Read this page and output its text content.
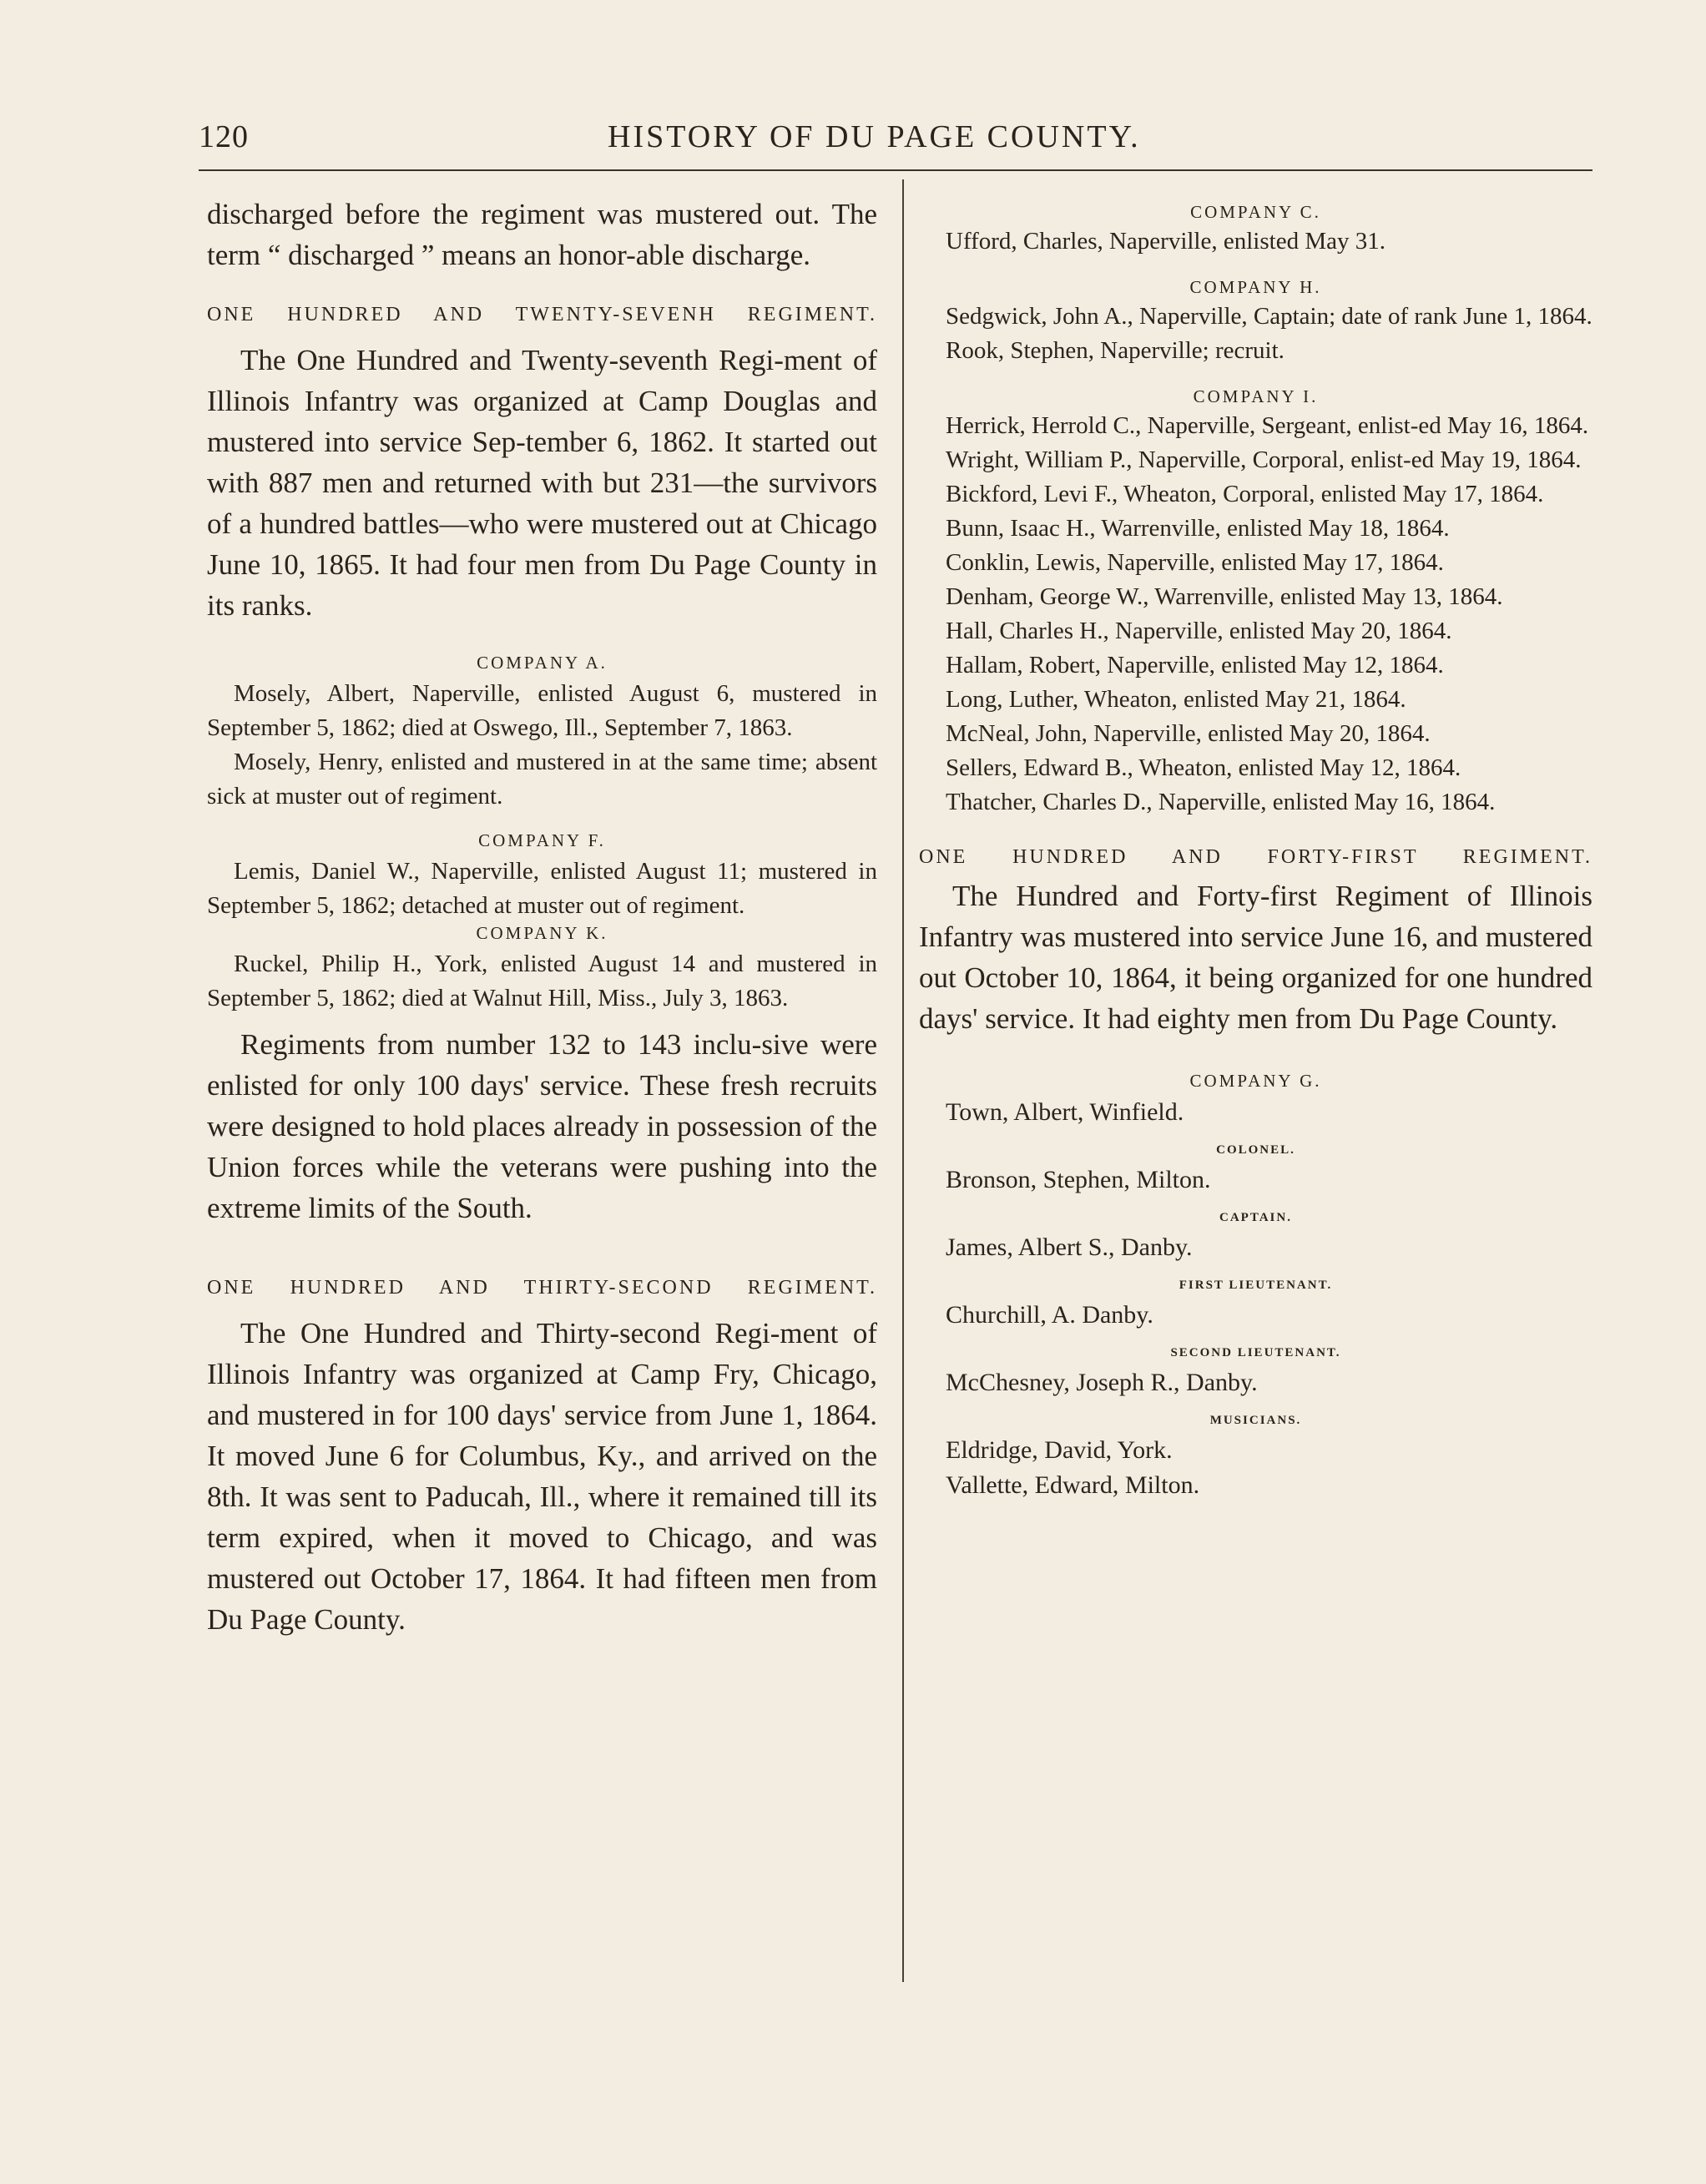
120	HISTORY OF DU PAGE COUNTY.

discharged before the regiment was mustered out. The term “ discharged ” means an honor-able discharge.

ONE HUNDRED AND TWENTY-SEVENH REGIMENT.

The One Hundred and Twenty-seventh Regi-ment of Illinois Infantry was organized at Camp Douglas and mustered into service Sep-tember 6, 1862. It started out with 887 men and returned with but 231—the survivors of a hundred battles—who were mustered out at Chicago June 10, 1865. It had four men from Du Page County in its ranks.

COMPANY A.

Mosely, Albert, Naperville, enlisted August 6, mustered in September 5, 1862; died at Oswego, Ill., September 7, 1863.

Mosely, Henry, enlisted and mustered in at the same time; absent sick at muster out of regiment.

COMPANY F.

Lemis, Daniel W., Naperville, enlisted August 11; mustered in September 5, 1862; detached at muster out of regiment.

COMPANY K.

Ruckel, Philip H., York, enlisted August 14 and mustered in September 5, 1862; died at Walnut Hill, Miss., July 3, 1863.

Regiments from number 132 to 143 inclu-sive were enlisted for only 100 days' service. These fresh recruits were designed to hold places already in possession of the Union forces while the veterans were pushing into the extreme limits of the South.

ONE HUNDRED AND THIRTY-SECOND REGIMENT.

The One Hundred and Thirty-second Regi-ment of Illinois Infantry was organized at Camp Fry, Chicago, and mustered in for 100 days' service from June 1, 1864. It moved June 6 for Columbus, Ky., and arrived on the 8th. It was sent to Paducah, Ill., where it remained till its term expired, when it moved to Chicago, and was mustered out October 17, 1864. It had fifteen men from Du Page County.

COMPANY C.

Ufford, Charles, Naperville, enlisted May 31.

COMPANY H.

Sedgwick, John A., Naperville, Captain; date of rank June 1, 1864.

Rook, Stephen, Naperville; recruit.

COMPANY I.

Herrick, Herrold C., Naperville, Sergeant, enlist-ed May 16, 1864.

Wright, William P., Naperville, Corporal, enlist-ed May 19, 1864.

Bickford, Levi F., Wheaton, Corporal, enlisted May 17, 1864.

Bunn, Isaac H., Warrenville, enlisted May 18, 1864.

Conklin, Lewis, Naperville, enlisted May 17, 1864.

Denham, George W., Warrenville, enlisted May 13, 1864.

Hall, Charles H., Naperville, enlisted May 20, 1864.

Hallam, Robert, Naperville, enlisted May 12, 1864.

Long, Luther, Wheaton, enlisted May 21, 1864.

McNeal, John, Naperville, enlisted May 20, 1864.

Sellers, Edward B., Wheaton, enlisted May 12, 1864.

Thatcher, Charles D., Naperville, enlisted May 16, 1864.

ONE HUNDRED AND FORTY-FIRST REGIMENT.

The Hundred and Forty-first Regiment of Illinois Infantry was mustered into service June 16, and mustered out October 10, 1864, it being organized for one hundred days' service. It had eighty men from Du Page County.

COMPANY G.

Town, Albert, Winfield.

COLONEL.

Bronson, Stephen, Milton.

CAPTAIN.

James, Albert S., Danby.

FIRST LIEUTENANT.

Churchill, A. Danby.

SECOND LIEUTENANT.

McChesney, Joseph R., Danby.

MUSICIANS.

Eldridge, David, York.

Vallette, Edward, Milton.
